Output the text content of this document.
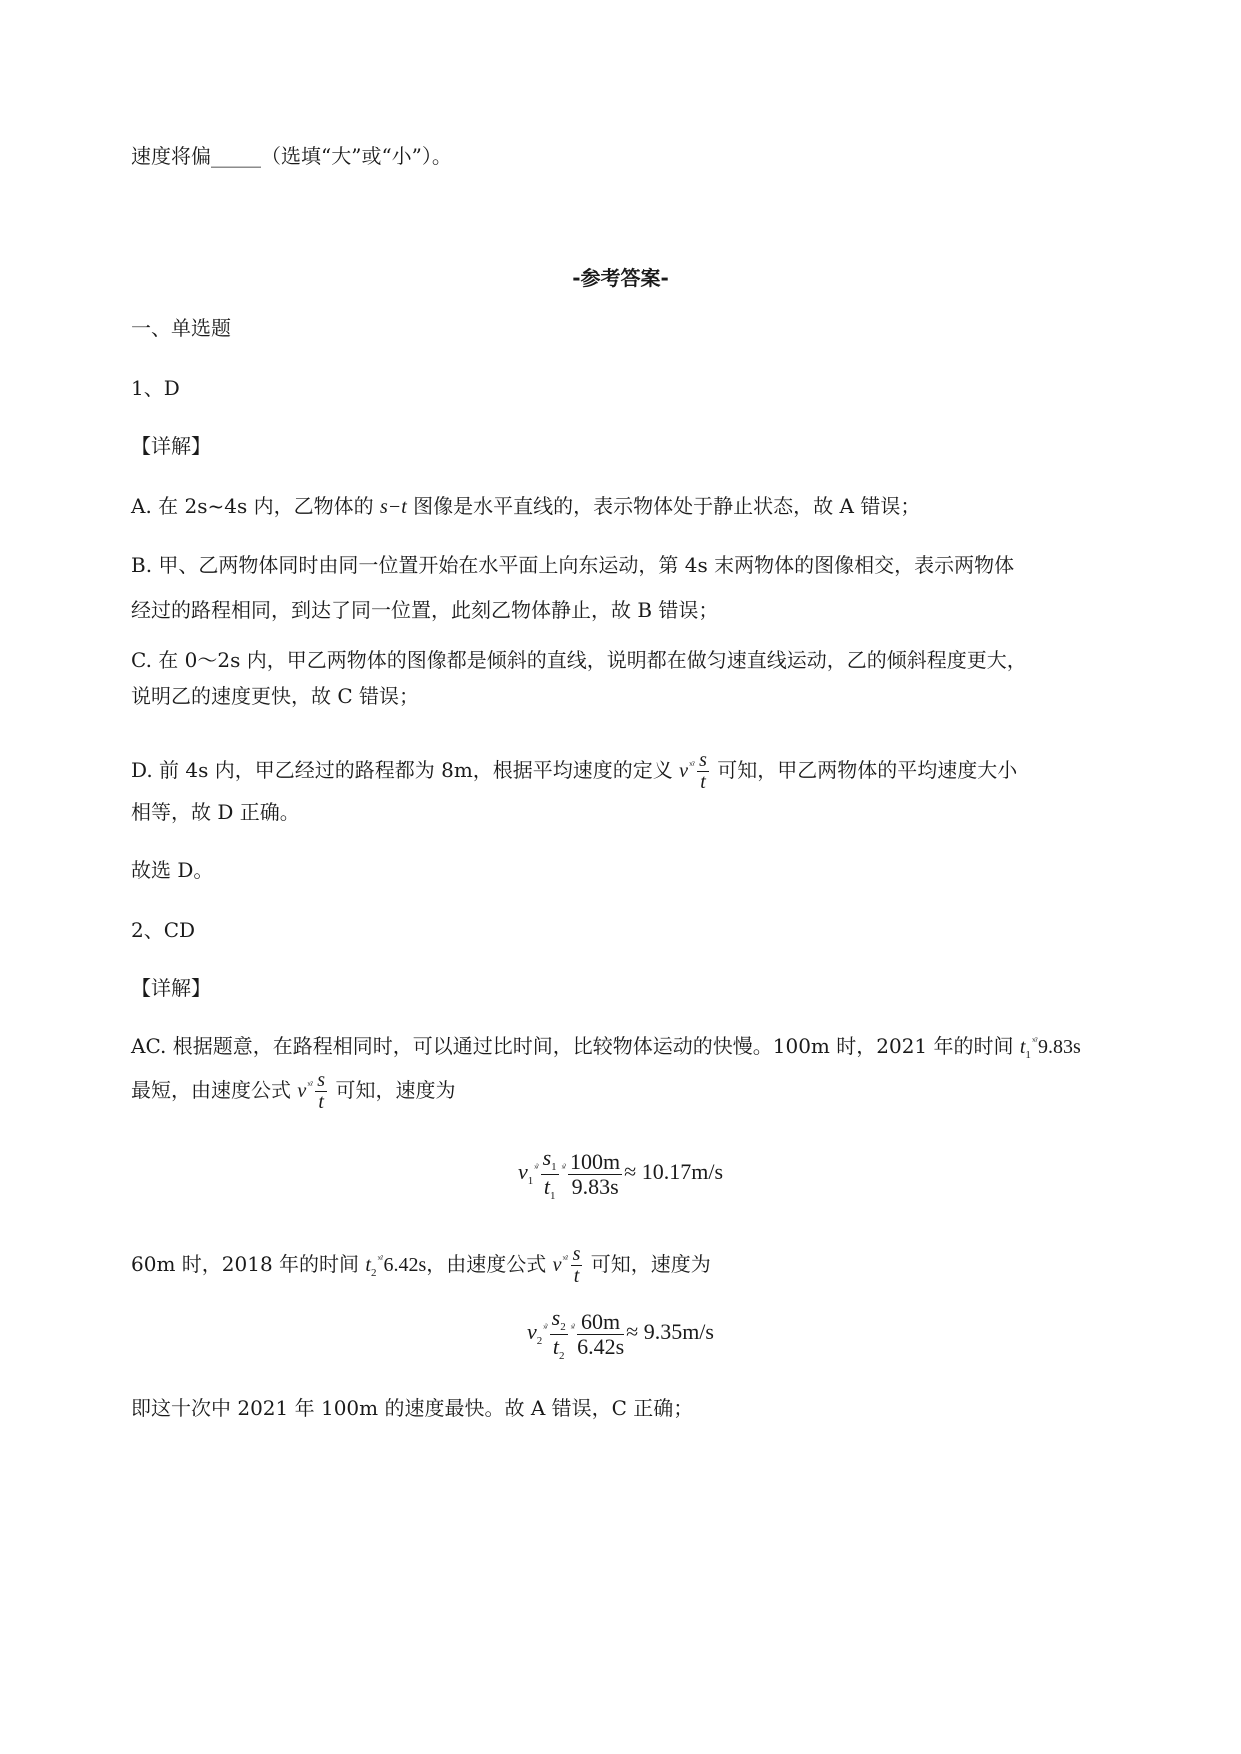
速度将偏_____（选填“大”或“小”）。
-参考答案-
一、单选题
1、D
【详解】
A. 在 2s~4s 内，乙物体的 s−t 图像是水平直线的，表示物体处于静止状态，故 A 错误；
B. 甲、乙两物体同时由同一位置开始在水平面上向东运动，第 4s 末两物体的图像相交，表示两物体
经过的路程相同，到达了同一位置，此刻乙物体静止，故 B 错误；
C. 在 0～2s 内，甲乙两物体的图像都是倾斜的直线，说明都在做匀速直线运动，乙的倾斜程度更大，
说明乙的速度更快，故 C 错误；
D. 前 4s 内，甲乙经过的路程都为 8m，根据平均速度的定义 $v^{ˣˀ} \frac{s}{t}$ 可知，甲乙两物体的平均速度大小
相等，故 D 正确。
故选 D。
2、CD
【详解】
AC. 根据题意，在路程相同时，可以通过比时间，比较物体运动的快慢。100m 时，2021 年的时间 $t_1^{ˣˀ}9.83s$
最短，由速度公式 $v^{ˣˀ} \frac{s}{t}$ 可知，速度为
$v_1^{ˣˀ} \frac{s_1}{t_1} ^{ˣˀ} \frac{100m}{9.83s} \approx 10.17m/s$
60m 时，2018 年的时间 $t_2^{ˣˀ}6.42s$，由速度公式 $v^{ˣˀ} \frac{s}{t}$ 可知，速度为
$v_2^{ˣˀ} \frac{s_2}{t_2} ^{ˣˀ} \frac{60m}{6.42s} \approx 9.35m/s$
即这十次中 2021 年 100m 的速度最快。故 A 错误，C 正确；
